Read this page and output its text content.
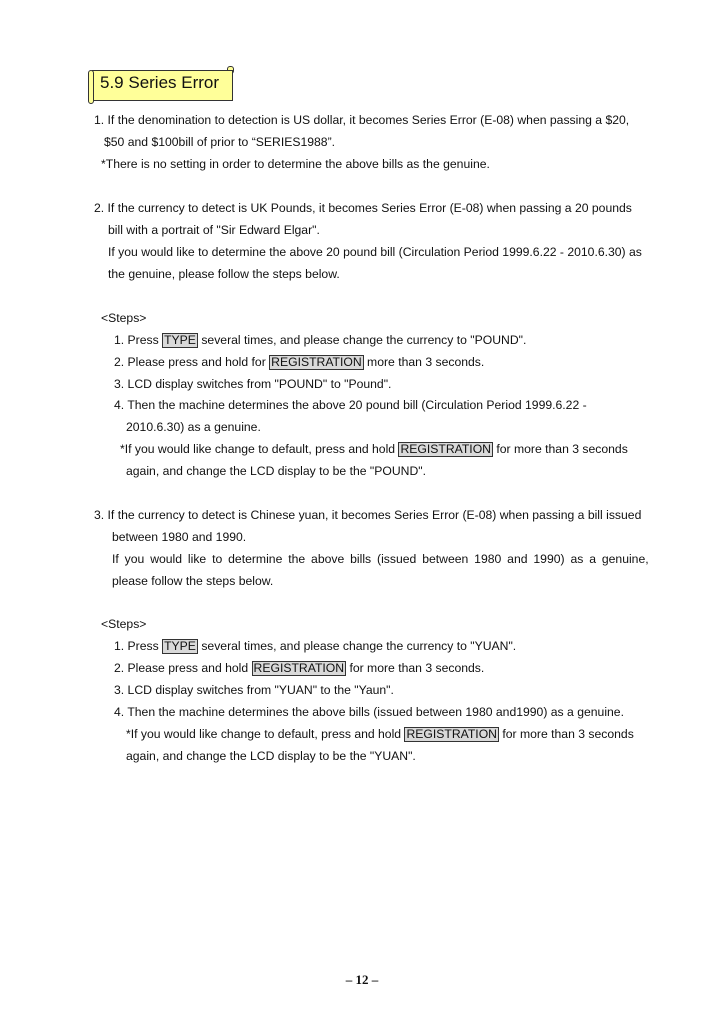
5.9 Series Error
1. If the denomination to detection is US dollar, it becomes Series Error (E-08) when passing a $20,
$50 and $100bill of prior to “SERIES1988”.
*There is no setting in order to determine the above bills as the genuine.
2. If the currency to detect is UK Pounds, it becomes Series Error (E-08) when passing a 20 pounds
bill with a portrait of "Sir Edward Elgar".
If you would like to determine the above 20 pound bill (Circulation Period 1999.6.22 - 2010.6.30) as
the genuine, please follow the steps below.
<Steps>
1. Press TYPE several times, and please change the currency to "POUND".
2. Please press and hold for REGISTRATION more than 3 seconds.
3. LCD display switches from "POUND" to "Pound".
4. Then the machine determines the above 20 pound bill (Circulation Period 1999.6.22 -
2010.6.30) as a genuine.
*If you would like change to default, press and hold REGISTRATION for more than 3 seconds
again, and change the LCD display to be the "POUND".
3. If the currency to detect is Chinese yuan, it becomes Series Error (E-08) when passing a bill issued
between 1980 and 1990.
If you would like to determine the above bills (issued between 1980 and 1990) as a genuine,
please follow the steps below.
<Steps>
1. Press TYPE several times, and please change the currency to "YUAN".
2. Please press and hold REGISTRATION for more than 3 seconds.
3. LCD display switches from "YUAN" to the "Yaun".
4. Then the machine determines the above bills (issued between 1980 and1990) as a genuine.
*If you would like change to default, press and hold REGISTRATION for more than 3 seconds
again, and change the LCD display to be the "YUAN".
– 12 –
